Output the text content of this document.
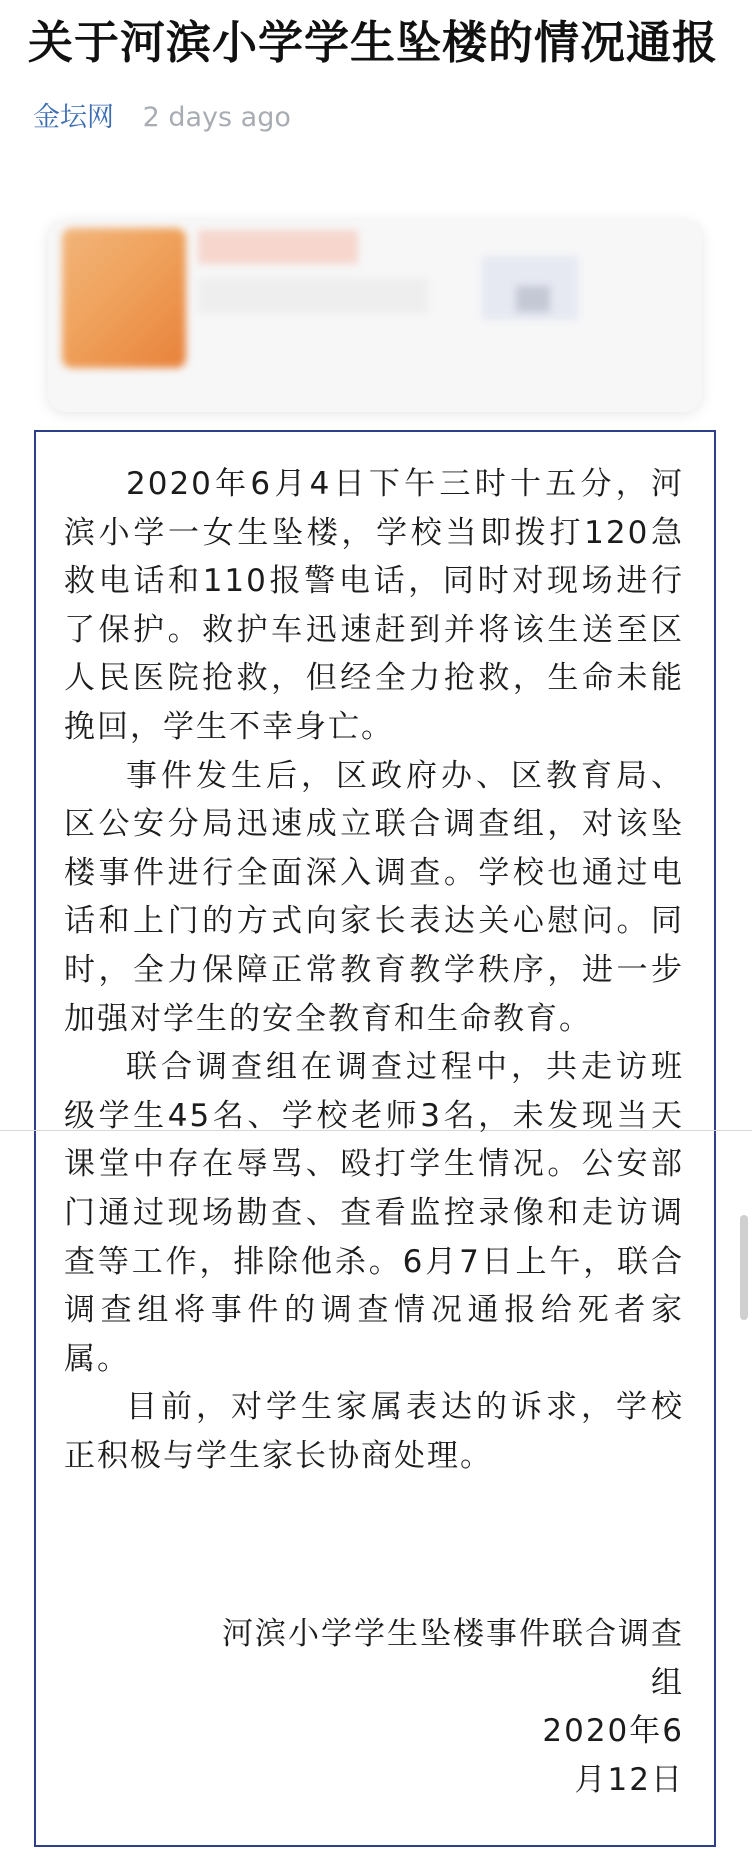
关于河滨小学学生坠楼的情况通报
金坛网 2 days ago

2020年6月4日下午三时十五分，河滨小学一女生坠楼，学校当即拨打120急救电话和110报警电话，同时对现场进行了保护。救护车迅速赶到并将该生送至区人民医院抢救，但经全力抢救，生命未能挽回，学生不幸身亡。

事件发生后，区政府办、区教育局、区公安分局迅速成立联合调查组，对该坠楼事件进行全面深入调查。学校也通过电话和上门的方式向家长表达关心慰问。同时，全力保障正常教育教学秩序，进一步加强对学生的安全教育和生命教育。

联合调查组在调查过程中，共走访班级学生45名、学校老师3名，未发现当天课堂中存在辱骂、殴打学生情况。公安部门通过现场勘查、查看监控录像和走访调查等工作，排除他杀。6月7日上午，联合调查组将事件的调查情况通报给死者家属。

目前，对学生家属表达的诉求，学校正积极与学生家长协商处理。

河滨小学学生坠楼事件联合调查
组
2020年6
月12日
